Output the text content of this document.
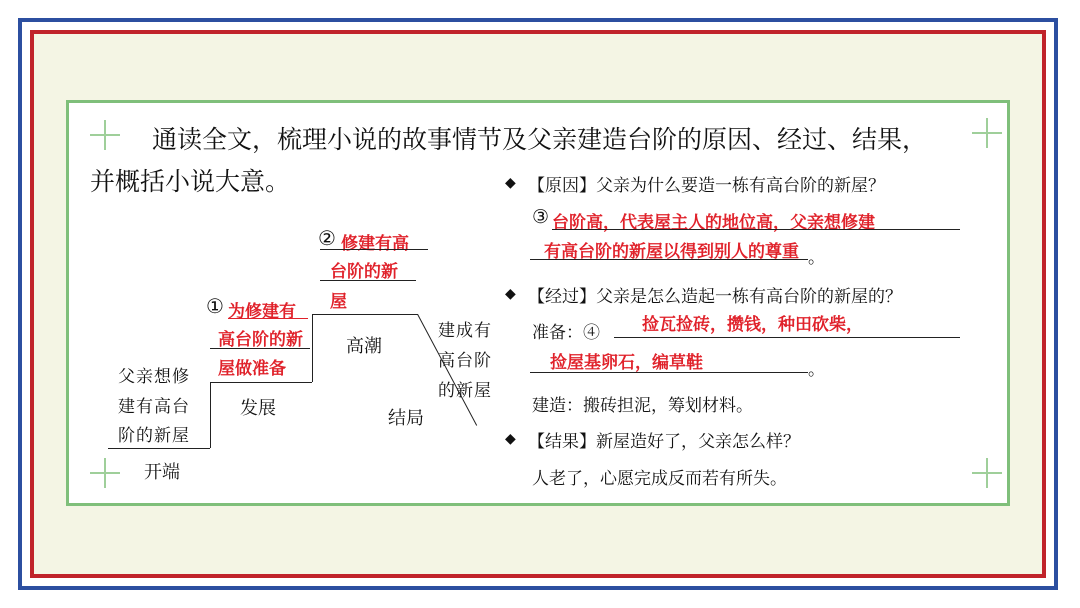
通读全文，梳理小说的故事情节及父亲建造台阶的原因、经过、结果，
并概括小说大意。
父亲想修
建有高台
阶的新屋
开端
① 为修建有
高台阶的新
屋做准备
发展
② 修建有高
台阶的新
屋
高潮
建成有
高台阶
的新屋
结局
◆ 【原因】父亲为什么要造一栋有高台阶的新屋？
③ 台阶高，代表屋主人的地位高，父亲想修建
有高台阶的新屋以得到别人的尊重 。
◆ 【经过】父亲是怎么造起一栋有高台阶的新屋的？
准备：④ 捡瓦捡砖，攒钱，种田砍柴，
捡屋基卵石，编草鞋	。
建造：搬砖担泥，筹划材料。
◆ 【结果】新屋造好了，父亲怎么样？
人老了，心愿完成反而若有所失。
